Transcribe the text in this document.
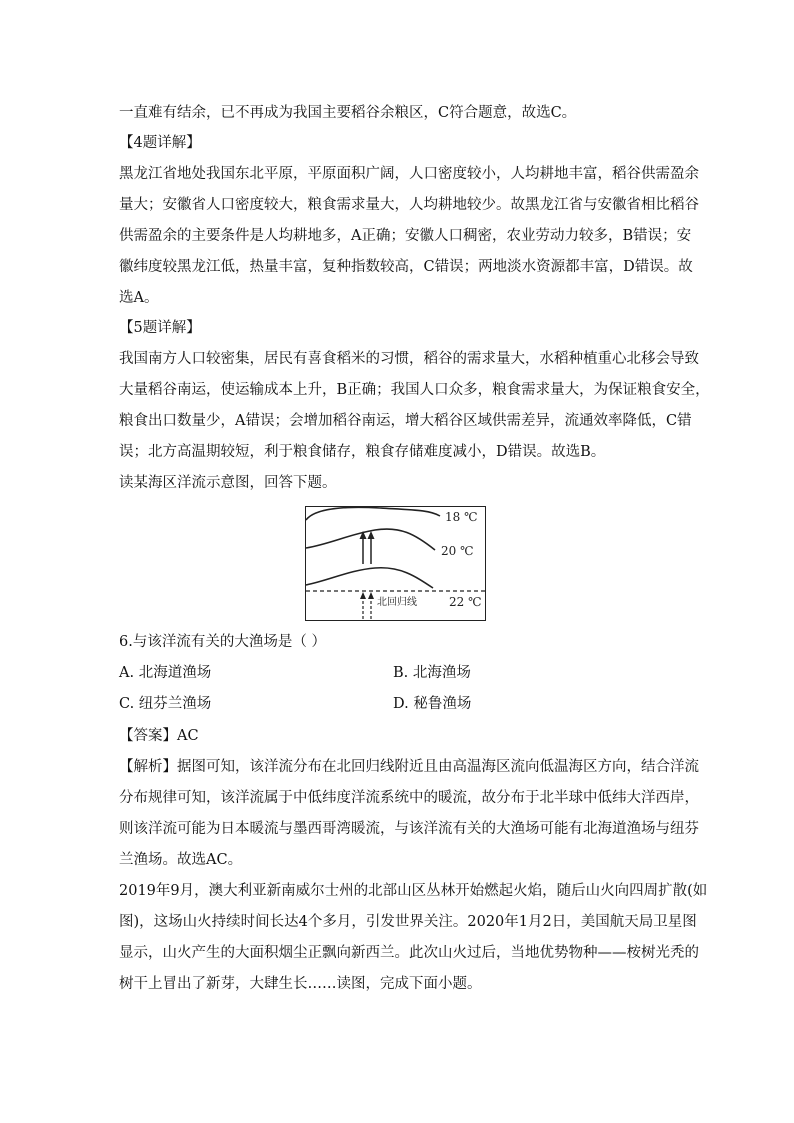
一直难有结余，已不再成为我国主要稻谷余粮区，C符合题意，故选C。
【4题详解】
黑龙江省地处我国东北平原，平原面积广阔，人口密度较小，人均耕地丰富，稻谷供需盈余
量大；安徽省人口密度较大，粮食需求量大，人均耕地较少。故黑龙江省与安徽省相比稻谷
供需盈余的主要条件是人均耕地多，A正确；安徽人口稠密，农业劳动力较多，B错误；安
徽纬度较黑龙江低，热量丰富，复种指数较高，C错误；两地淡水资源都丰富，D错误。故
选A。
【5题详解】
我国南方人口较密集，居民有喜食稻米的习惯，稻谷的需求量大，水稻种植重心北移会导致
大量稻谷南运，使运输成本上升，B正确；我国人口众多，粮食需求量大，为保证粮食安全，
粮食出口数量少，A错误；会增加稻谷南运，增大稻谷区域供需差异，流通效率降低，C错
误；北方高温期较短，利于粮食储存，粮食存储难度减小，D错误。故选B。
读某海区洋流示意图，回答下题。
18 ℃
20 ℃
22 ℃
北回归线
6.与该洋流有关的大渔场是（ ）
A. 北海道渔场	B. 北海渔场
C. 纽芬兰渔场	D. 秘鲁渔场
【答案】AC
【解析】据图可知，该洋流分布在北回归线附近且由高温海区流向低温海区方向，结合洋流
分布规律可知，该洋流属于中低纬度洋流系统中的暖流，故分布于北半球中低纬大洋西岸，
则该洋流可能为日本暖流与墨西哥湾暖流，与该洋流有关的大渔场可能有北海道渔场与纽芬
兰渔场。故选AC。
2019年9月，澳大利亚新南威尔士州的北部山区丛林开始燃起火焰，随后山火向四周扩散(如
图)，这场山火持续时间长达4个多月，引发世界关注。2020年1月2日，美国航天局卫星图
显示，山火产生的大面积烟尘正飘向新西兰。此次山火过后，当地优势物种——桉树光秃的
树干上冒出了新芽，大肆生长……读图，完成下面小题。
